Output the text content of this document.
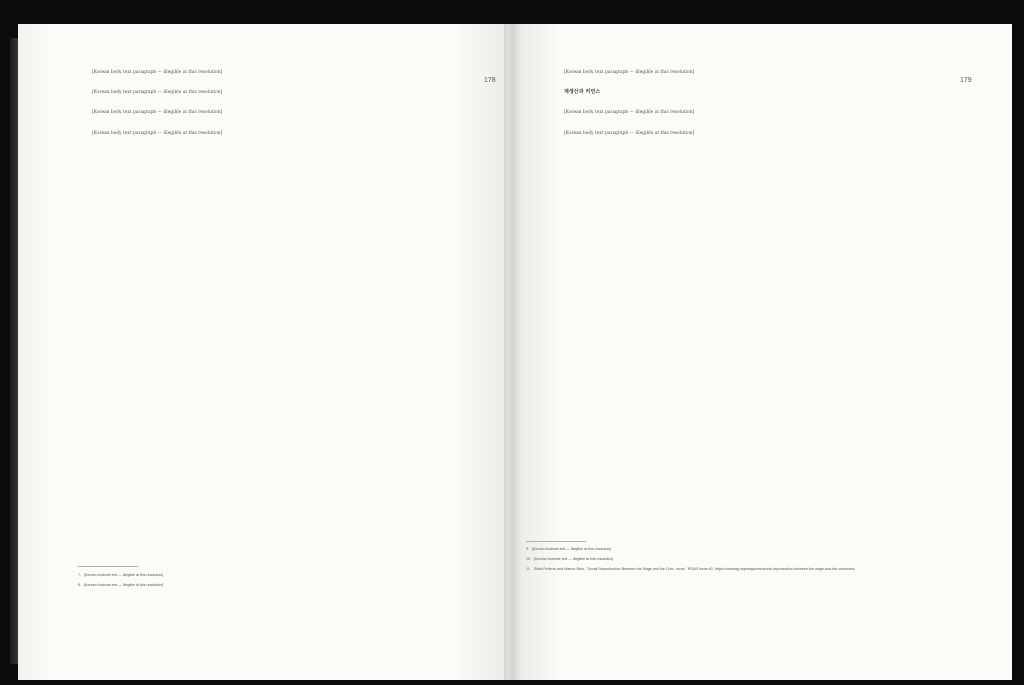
178

[Korean body text paragraph — illegible at this resolution]

[Korean body text paragraph — illegible at this resolution]

[Korean body text paragraph — illegible at this resolution]

[Korean body text paragraph — illegible at this resolution]

7. [Korean footnote text — illegible at this resolution]
8. [Korean footnote text — illegible at this resolution]
179

[Korean body text paragraph — illegible at this resolution]

재생산과 커먼스

[Korean body text paragraph — illegible at this resolution]

[Korean body text paragraph — illegible at this resolution]

9. [Korean footnote text — illegible at this resolution]
10. [Korean footnote text — illegible at this resolution]
11. Silvia Federici and Marina Sitrin, "Social Reproduction: Between the Wage and the Com- mons," ROAR Issue #2, https://roarmag.org/magazine/social-reproduction-between-the-wage-and-the-commons/
